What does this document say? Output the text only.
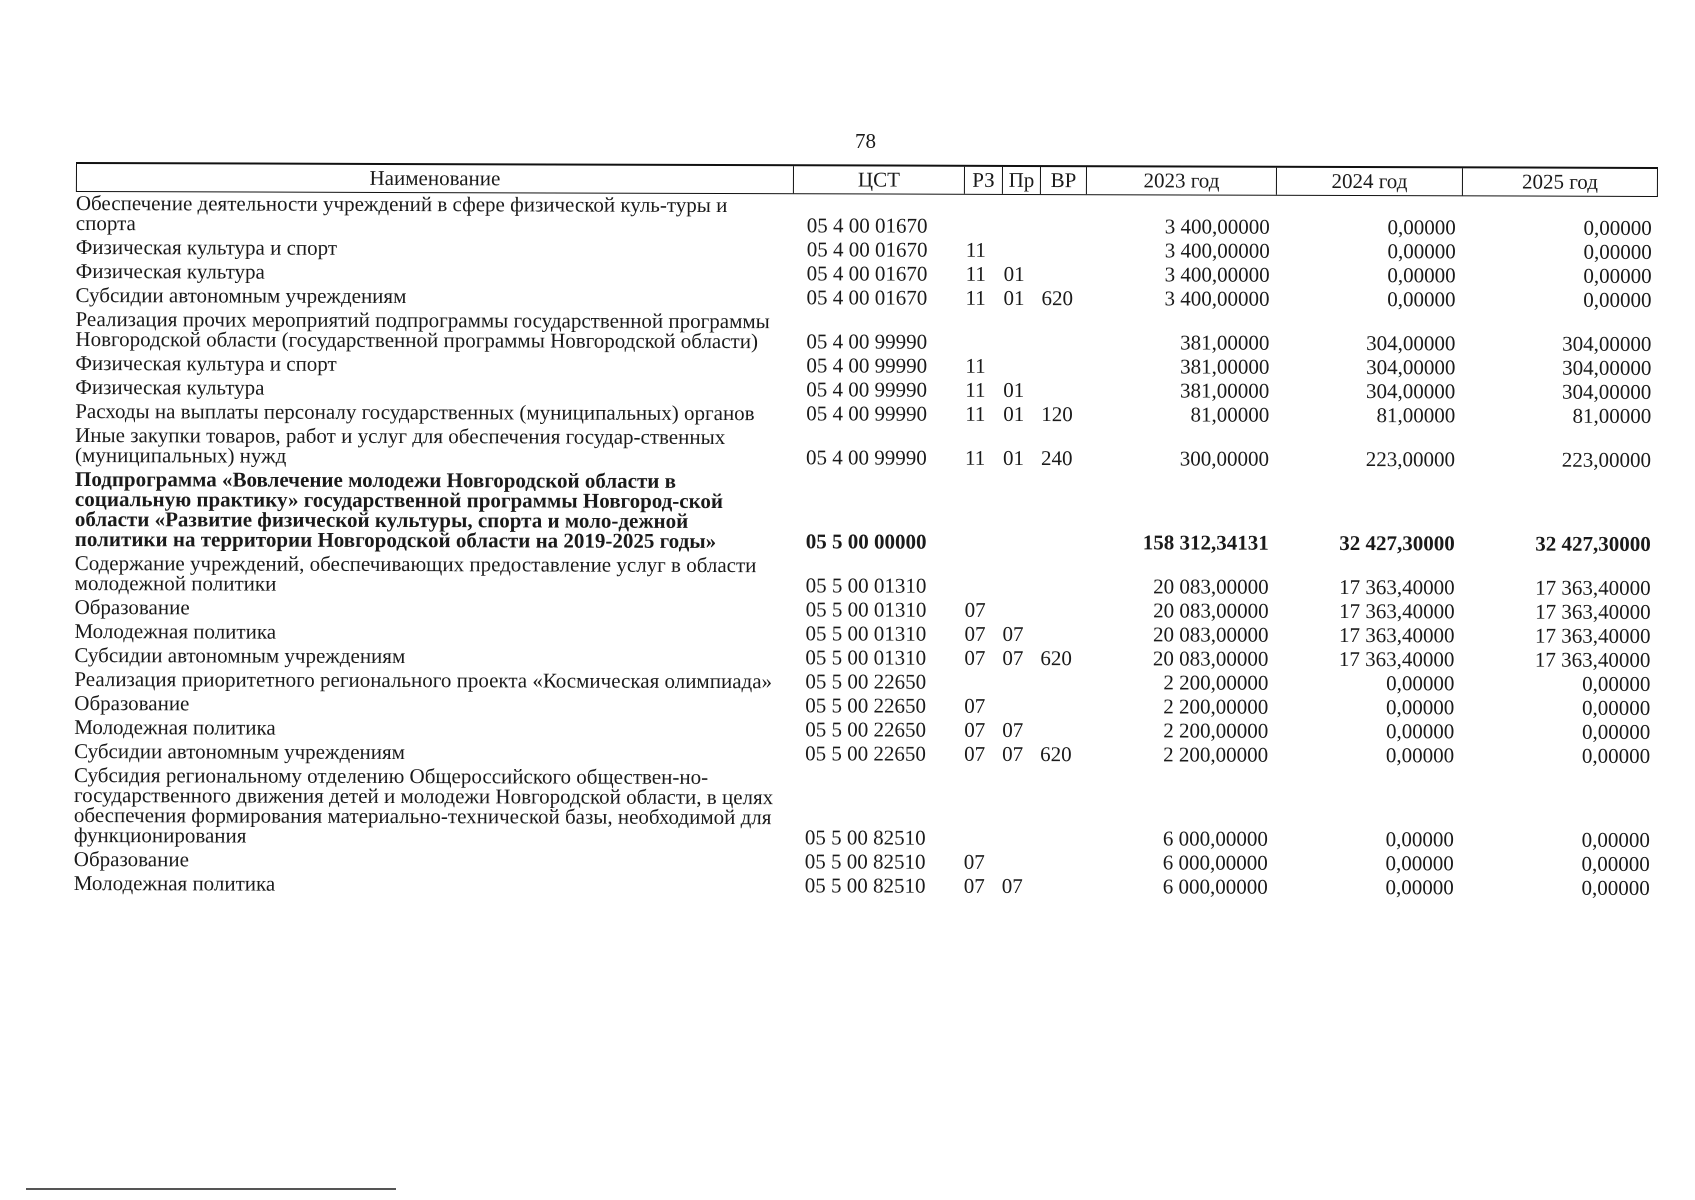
78
Наименование	ЦСТ	РЗ Пр ВР	2023 год	2024 год	2025 год
Обеспечение деятельности учреждений в сфере физической куль-туры и спорта	05 4 00 01670	3 400,00000	0,00000	0,00000
Физическая культура и спорт	05 4 00 01670	11	3 400,00000	0,00000	0,00000
Физическая культура	05 4 00 01670	11 01	3 400,00000	0,00000	0,00000
Субсидии автономным учреждениям	05 4 00 01670	11 01 620	3 400,00000	0,00000	0,00000
Реализация прочих мероприятий подпрограммы государственной программы Новгородской области (государственной программы Новгородской области)	05 4 00 99990	381,00000	304,00000	304,00000
Физическая культура и спорт	05 4 00 99990	11	381,00000	304,00000	304,00000
Физическая культура	05 4 00 99990	11 01	381,00000	304,00000	304,00000
Расходы на выплаты персоналу государственных (муниципальных) органов	05 4 00 99990	11 01 120	81,00000	81,00000	81,00000
Иные закупки товаров, работ и услуг для обеспечения государ-ственных (муниципальных) нужд	05 4 00 99990	11 01 240	300,00000	223,00000	223,00000
Подпрограмма «Вовлечение молодежи Новгородской области в социальную практику» государственной программы Новгород-ской области «Развитие физической культуры, спорта и моло-дежной политики на территории Новгородской области на 2019-2025 годы»	05 5 00 00000	158 312,34131	32 427,30000	32 427,30000
Содержание учреждений, обеспечивающих предоставление услуг в области молодежной политики	05 5 00 01310	20 083,00000	17 363,40000	17 363,40000
Образование	05 5 00 01310	07	20 083,00000	17 363,40000	17 363,40000
Молодежная политика	05 5 00 01310	07 07	20 083,00000	17 363,40000	17 363,40000
Субсидии автономным учреждениям	05 5 00 01310	07 07 620	20 083,00000	17 363,40000	17 363,40000
Реализация приоритетного регионального проекта «Космическая олимпиада»	05 5 00 22650	2 200,00000	0,00000	0,00000
Образование	05 5 00 22650	07	2 200,00000	0,00000	0,00000
Молодежная политика	05 5 00 22650	07 07	2 200,00000	0,00000	0,00000
Субсидии автономным учреждениям	05 5 00 22650	07 07 620	2 200,00000	0,00000	0,00000
Субсидия региональному отделению Общероссийского обществен-но-государственного движения детей и молодежи Новгородской области, в целях обеспечения формирования материально-технической базы, необходимой для функционирования	05 5 00 82510	6 000,00000	0,00000	0,00000
Образование	05 5 00 82510	07	6 000,00000	0,00000	0,00000
Молодежная политика	05 5 00 82510	07 07	6 000,00000	0,00000	0,00000
